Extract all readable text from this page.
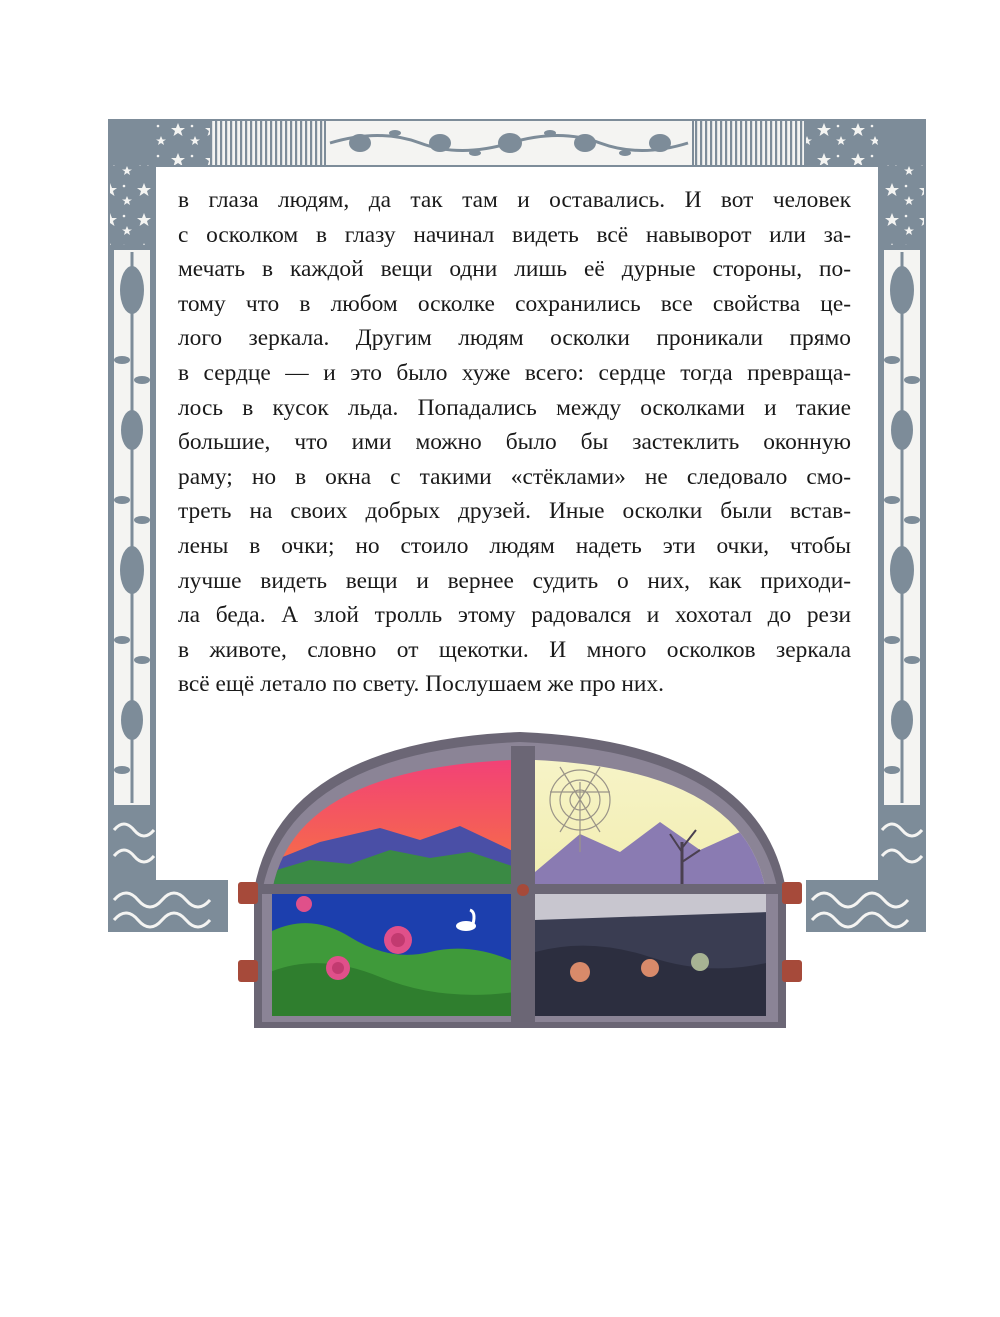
в глаза людям, да так там и оставались. И вот человек
с осколком в глазу начинал видеть всё навыворот или за-
мечать в каждой вещи одни лишь её дурные стороны, по-
тому что в любом осколке сохранились все свойства це-
лого зеркала. Другим людям осколки проникали прямо
в сердце — и это было хуже всего: сердце тогда превраща-
лось в кусок льда. Попадались между осколками и такие
большие, что ими можно было бы застеклить оконную
раму; но в окна с такими «стёклами» не следовало смо-
треть на своих добрых друзей. Иные осколки были встав-
лены в очки; но стоило людям надеть эти очки, чтобы
лучше видеть вещи и вернее судить о них, как приходи-
ла беда. А злой тролль этому радовался и хохотал до рези
в животе, словно от щекотки. И много осколков зеркала
всё ещё летало по свету. Послушаем же про них.
